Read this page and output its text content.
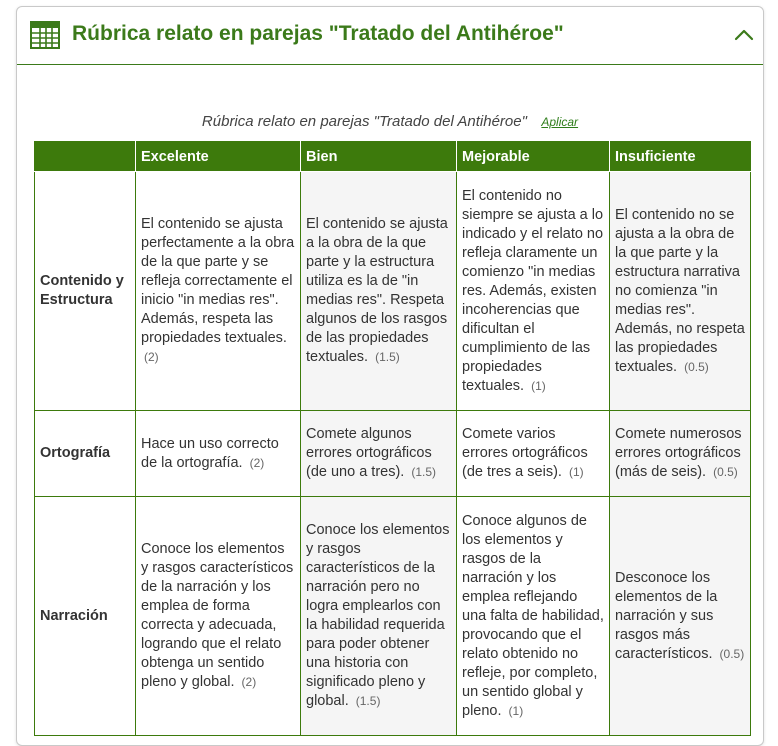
Rúbrica relato en parejas "Tratado del Antihéroe"
Rúbrica relato en parejas "Tratado del Antihéroe" Aplicar
	Excelente	Bien	Mejorable	Insuficiente
Contenido y Estructura	El contenido se ajusta perfectamente a la obra de la que parte y se refleja correctamente el inicio "in medias res". Además, respeta las propiedades textuales. (2)	El contenido se ajusta a la obra de la que parte y la estructura utiliza es la de "in medias res". Respeta algunos de los rasgos de las propiedades textuales. (1.5)	El contenido no siempre se ajusta a lo indicado y el relato no refleja claramente un comienzo "in medias res. Además, existen incoherencias que dificultan el cumplimiento de las propiedades textuales. (1)	El contenido no se ajusta a la obra de la que parte y la estructura narrativa no comienza "in medias res". Además, no respeta las propiedades textuales. (0.5)
Ortografía	Hace un uso correcto de la ortografía. (2)	Comete algunos errores ortográficos (de uno a tres). (1.5)	Comete varios errores ortográficos (de tres a seis). (1)	Comete numerosos errores ortográficos (más de seis). (0.5)
Narración	Conoce los elementos y rasgos característicos de la narración y los emplea de forma correcta y adecuada, logrando que el relato obtenga un sentido pleno y global. (2)	Conoce los elementos y rasgos característicos de la narración pero no logra emplearlos con la habilidad requerida para poder obtener una historia con significado pleno y global. (1.5)	Conoce algunos de los elementos y rasgos de la narración y los emplea reflejando una falta de habilidad, provocando que el relato obtenido no refleje, por completo, un sentido global y pleno. (1)	Desconoce los elementos de la narración y sus rasgos más característicos. (0.5)
